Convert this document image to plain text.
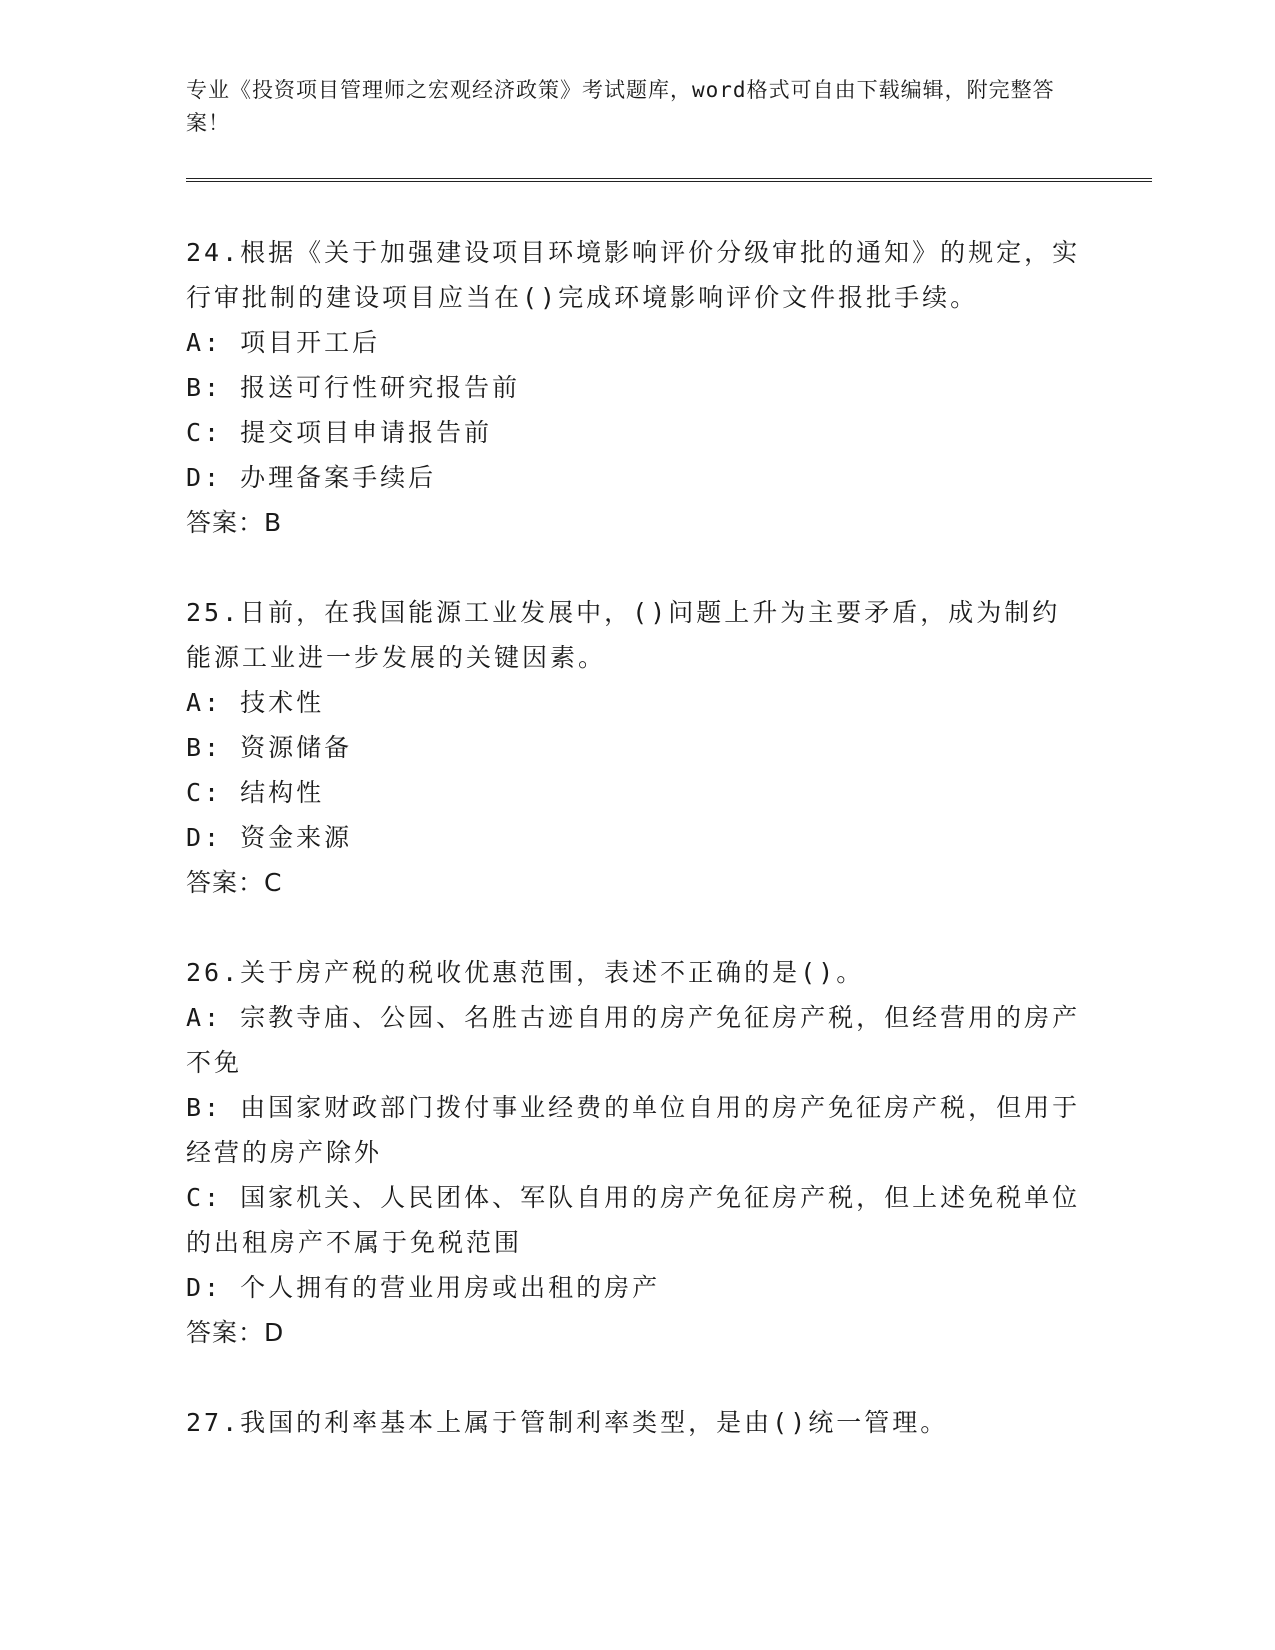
专业《投资项目管理师之宏观经济政策》考试题库，word格式可自由下载编辑，附完整答案！

24.根据《关于加强建设项目环境影响评价分级审批的通知》的规定，实行审批制的建设项目应当在()完成环境影响评价文件报批手续。

A: 项目开工后

B: 报送可行性研究报告前

C: 提交项目申请报告前

D: 办理备案手续后

答案：B

25.日前，在我国能源工业发展中，()问题上升为主要矛盾，成为制约能源工业进一步发展的关键因素。

A: 技术性

B: 资源储备

C: 结构性

D: 资金来源

答案：C

26.关于房产税的税收优惠范围，表述不正确的是()。

A: 宗教寺庙、公园、名胜古迹自用的房产免征房产税，但经营用的房产不免

B: 由国家财政部门拨付事业经费的单位自用的房产免征房产税，但用于经营的房产除外

C: 国家机关、人民团体、军队自用的房产免征房产税，但上述免税单位的出租房产不属于免税范围

D: 个人拥有的营业用房或出租的房产

答案：D

27.我国的利率基本上属于管制利率类型，是由()统一管理。
